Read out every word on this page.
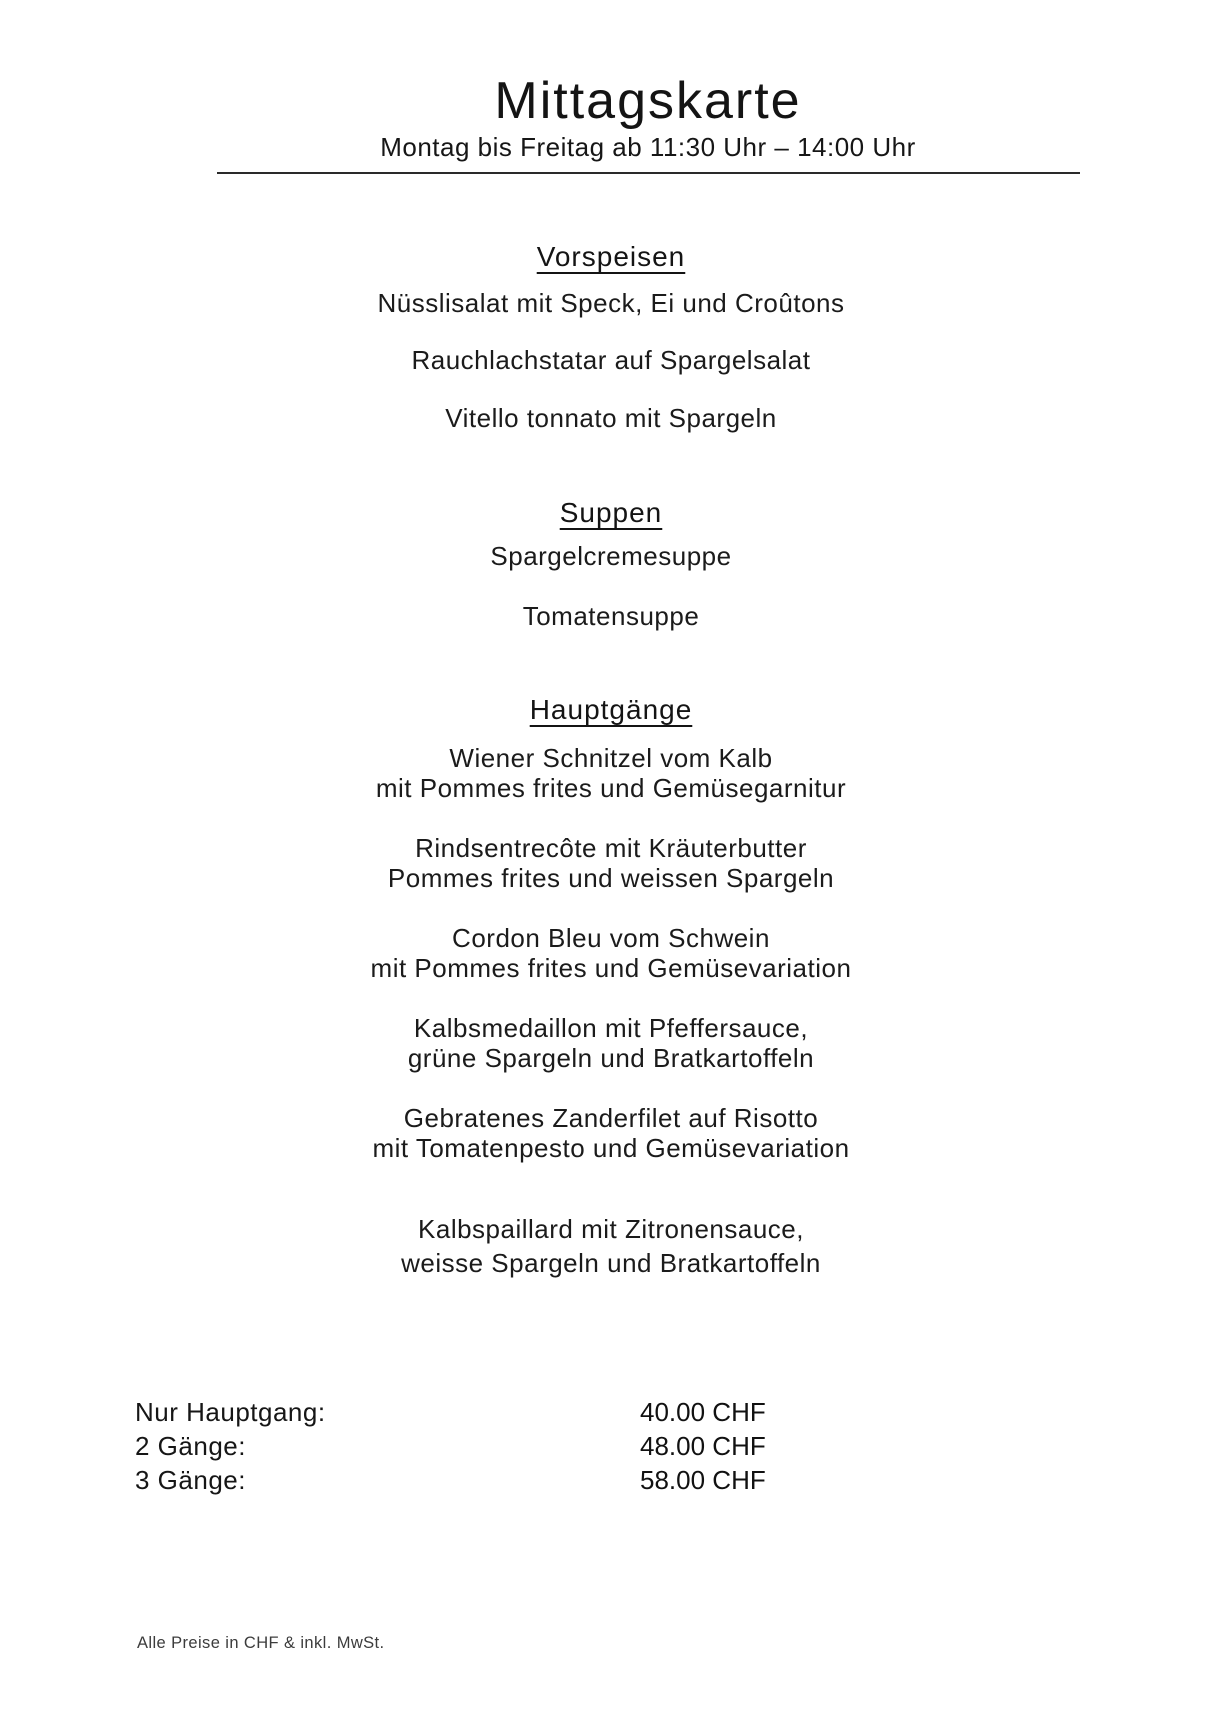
Mittagskarte
Montag bis Freitag ab 11:30 Uhr – 14:00 Uhr
Vorspeisen
Nüsslisalat mit Speck, Ei und Croûtons
Rauchlachstatar auf Spargelsalat
Vitello tonnato mit Spargeln
Suppen
Spargelcremesuppe
Tomatensuppe
Hauptgänge
Wiener Schnitzel vom Kalb
mit Pommes frites und Gemüsegarnitur
Rindsentrecôte mit Kräuterbutter
Pommes frites und weissen Spargeln
Cordon Bleu vom Schwein
mit Pommes frites und Gemüsevariation
Kalbsmedaillon mit Pfeffersauce,
grüne Spargeln und Bratkartoffeln
Gebratenes Zanderfilet auf Risotto
mit Tomatenpesto und Gemüsevariation
Kalbspaillard mit Zitronensauce,
weisse Spargeln und Bratkartoffeln
Nur Hauptgang:	40.00 CHF
2 Gänge:	48.00 CHF
3 Gänge:	58.00 CHF
Alle Preise in CHF & inkl. MwSt.
